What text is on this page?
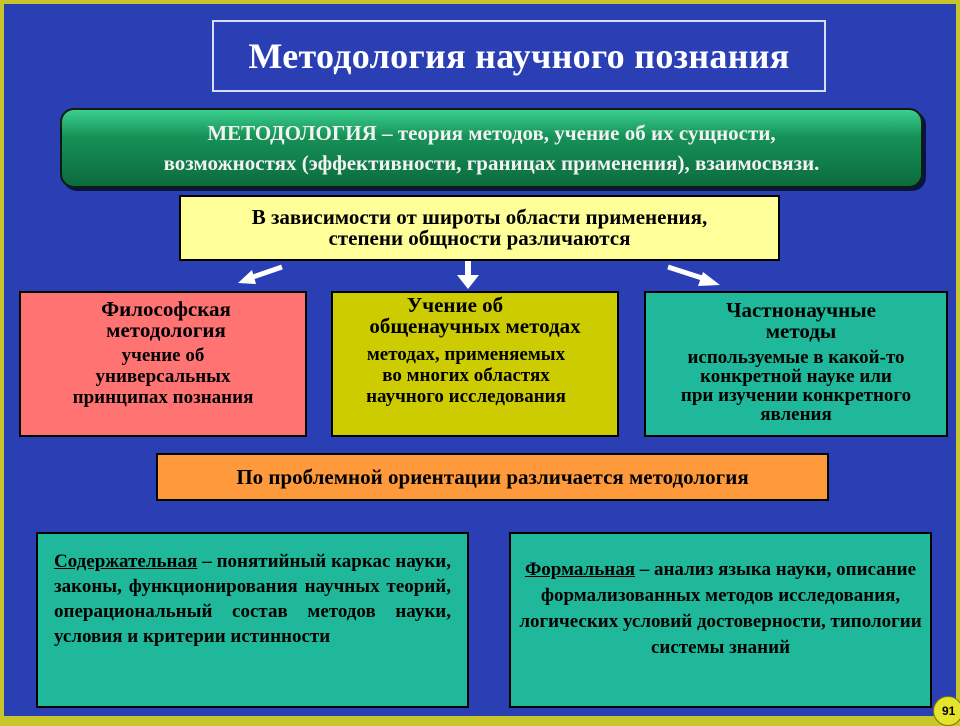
Методология научного познания
МЕТОДОЛОГИЯ – теория методов, учение об их сущности,
возможностях (эффективности, границах применения), взаимосвязи.
В зависимости от широты области применения,
степени общности различаются
Философская
методология
учение об
универсальных
принципах познания
Учение об
общенаучных методах
методах, применяемых
во многих областях
научного исследования
Частнонаучные
методы
используемые в какой-то
конкретной науке или
при изучении конкретного
явления
По проблемной ориентации различается методология
Содержательная – понятийный каркас науки, законы, функционирования научных теорий, операциональный состав методов науки, условия и критерии истинности
Формальная – анализ языка науки, описание формализованных методов исследования, логических условий достоверности, типологии системы знаний
91
